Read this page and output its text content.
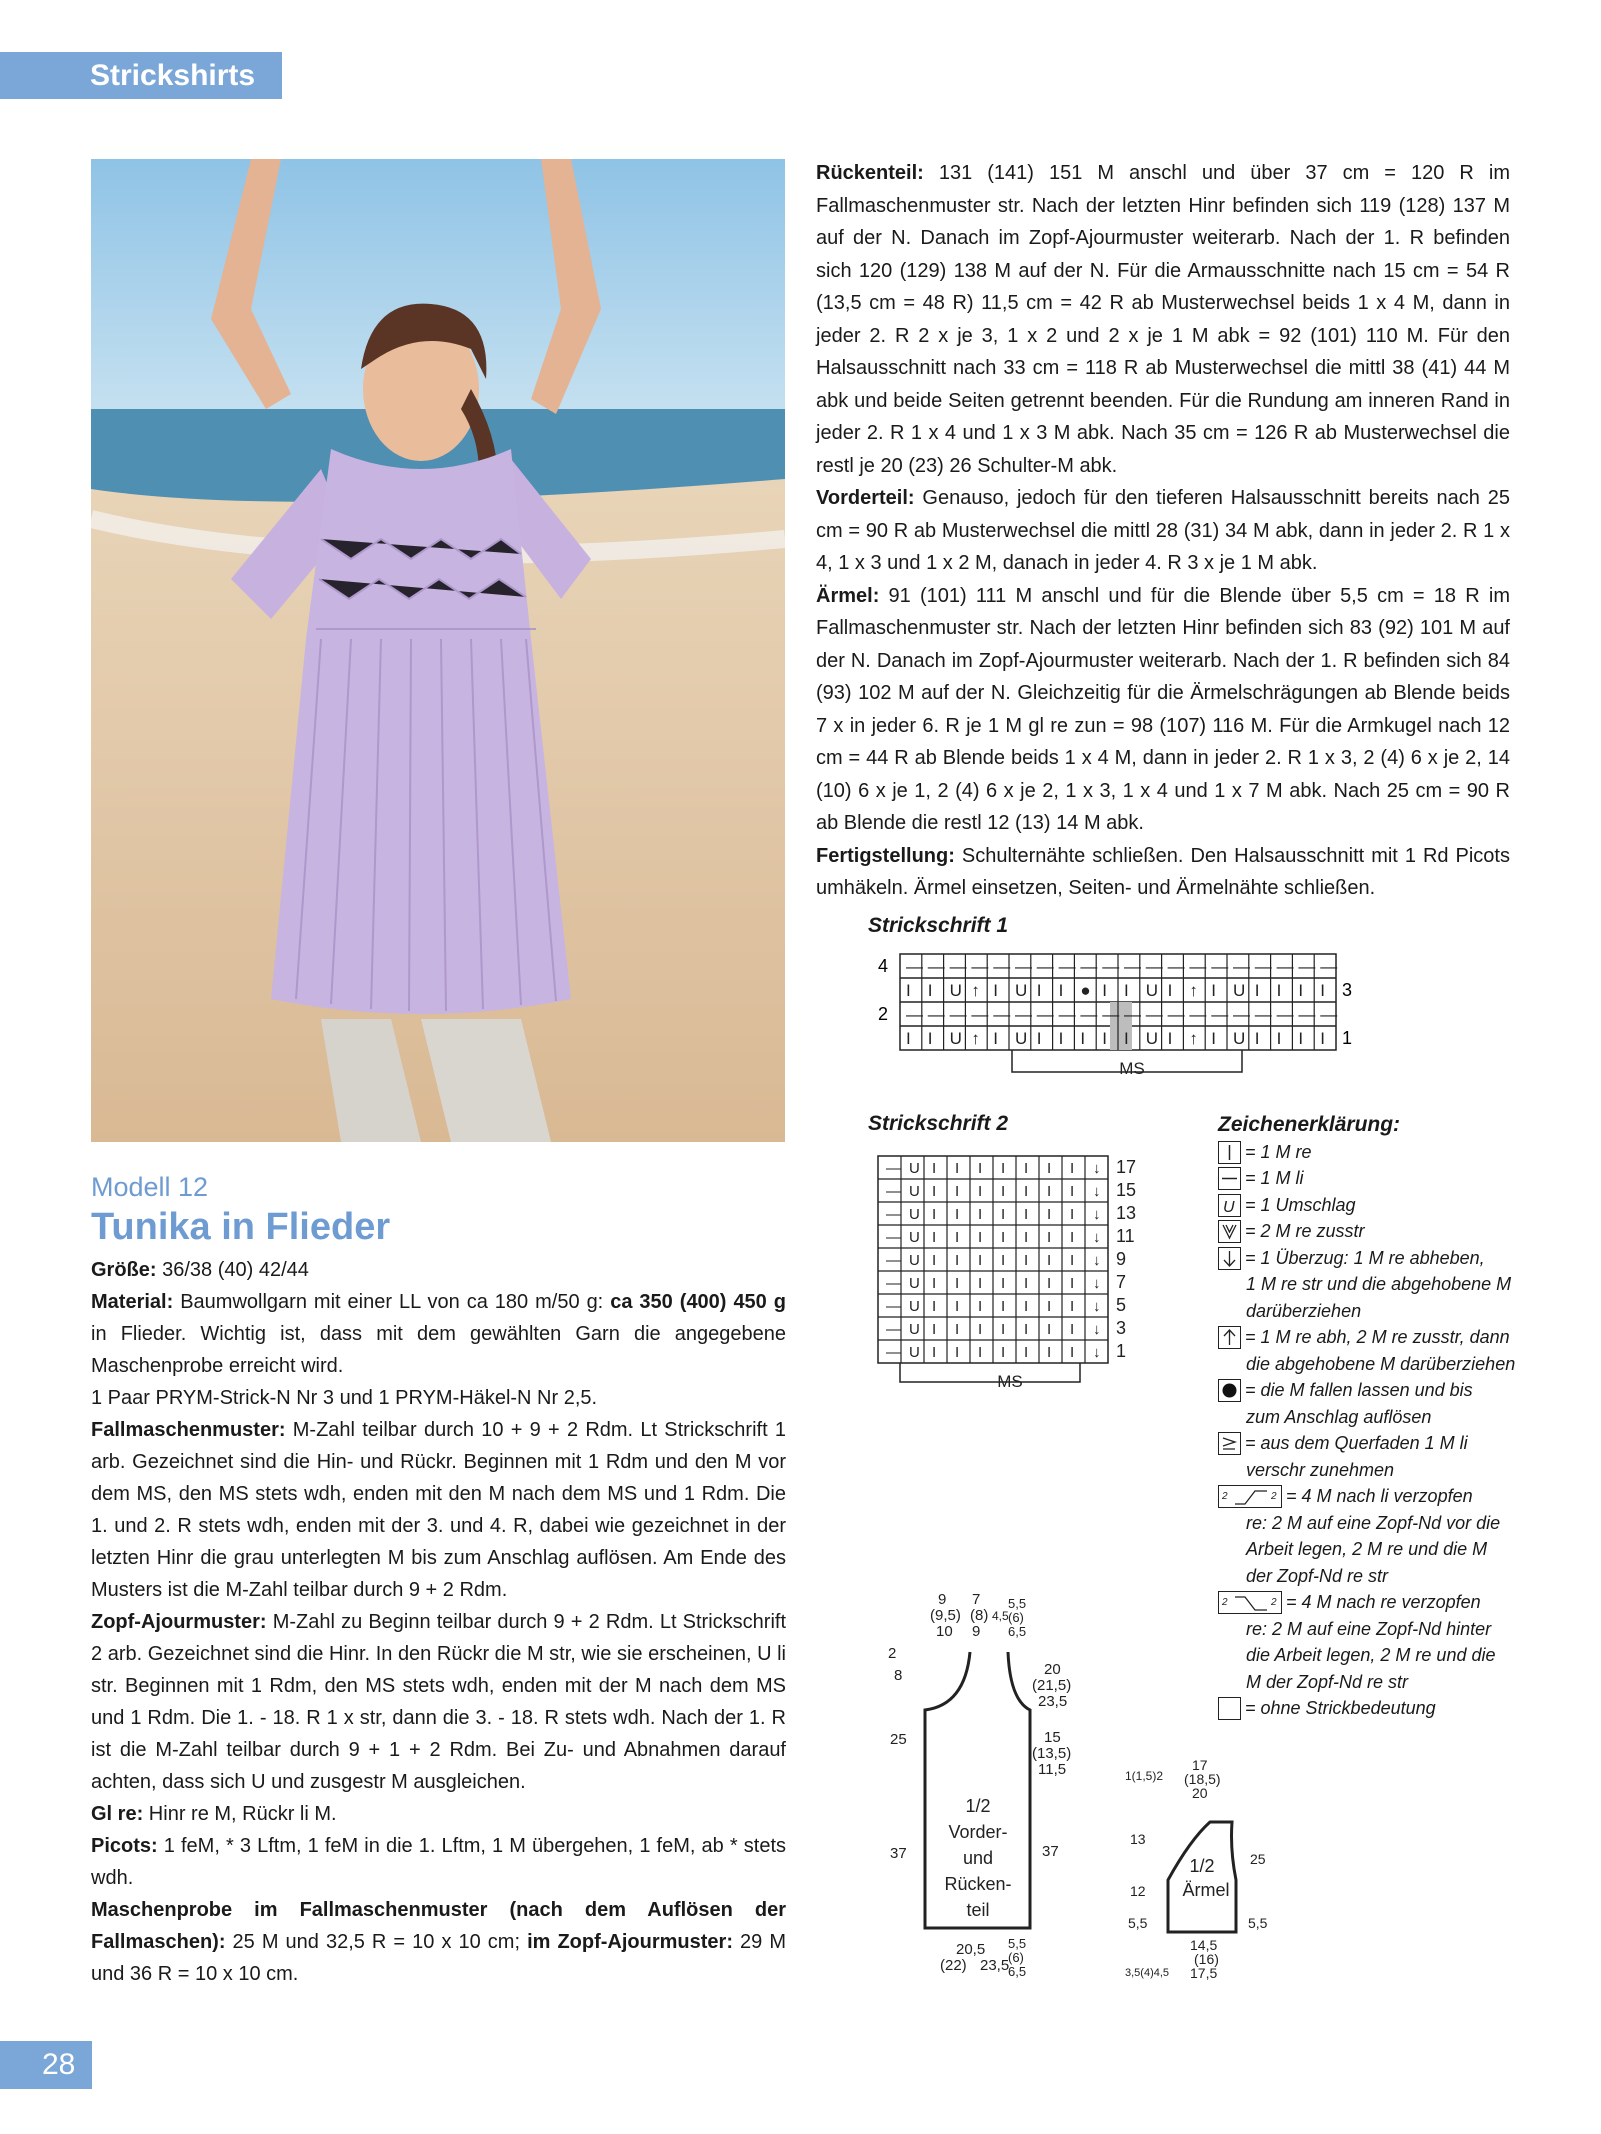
Strickshirts

Rückenteil: 131 (141) 151 M anschl und über 37 cm = 120 R im Fallmaschenmuster str. Nach der letzten Hinr befinden sich 119 (128) 137 M auf der N. Danach im Zopf-Ajourmuster weiterarb. Nach der 1. R befinden sich 120 (129) 138 M auf der N. Für die Armausschnitte nach 15 cm = 54 R (13,5 cm = 48 R) 11,5 cm = 42 R ab Musterwechsel beids 1 x 4 M, dann in jeder 2. R 2 x je 3, 1 x 2 und 2 x je 1 M abk = 92 (101) 110 M. Für den Halsausschnitt nach 33 cm = 118 R ab Musterwechsel die mittl 38 (41) 44 M abk und beide Seiten getrennt beenden. Für die Rundung am inneren Rand in jeder 2. R 1 x 4 und 1 x 3 M abk. Nach 35 cm = 126 R ab Musterwechsel die restl je 20 (23) 26 Schulter-M abk.

Vorderteil: Genauso, jedoch für den tieferen Halsausschnitt bereits nach 25 cm = 90 R ab Musterwechsel die mittl 28 (31) 34 M abk, dann in jeder 2. R 1 x 4, 1 x 3 und 1 x 2 M, danach in jeder 4. R 3 x je 1 M abk.

Ärmel: 91 (101) 111 M anschl und für die Blende über 5,5 cm = 18 R im Fallmaschenmuster str. Nach der letzten Hinr befinden sich 83 (92) 101 M auf der N. Danach im Zopf-Ajourmuster weiterarb. Nach der 1. R befinden sich 84 (93) 102 M auf der N. Gleichzeitig für die Ärmelschrägungen ab Blende beids 7 x in jeder 6. R je 1 M gl re zun = 98 (107) 116 M. Für die Armkugel nach 12 cm = 44 R ab Blende beids 1 x 4 M, dann in jeder 2. R 1 x 3, 2 (4) 6 x je 2, 14 (10) 6 x je 1, 2 (4) 6 x je 2, 1 x 3, 1 x 4 und 1 x 7 M abk. Nach 25 cm = 90 R ab Blende die restl 12 (13) 14 M abk.

Fertigstellung: Schulternähte schließen. Den Halsausschnitt mit 1 Rd Picots umhäkeln. Ärmel einsetzen, Seiten- und Ärmelnähte schließen.

Modell 12
Tunika in Flieder

Größe: 36/38 (40) 42/44

Material: Baumwollgarn mit einer LL von ca 180 m/50 g: ca 350 (400) 450 g in Flieder. Wichtig ist, dass mit dem gewählten Garn die angegebene Maschenprobe erreicht wird.

1 Paar PRYM-Strick-N Nr 3 und 1 PRYM-Häkel-N Nr 2,5.

Fallmaschenmuster: M-Zahl teilbar durch 10 + 9 + 2 Rdm. Lt Strickschrift 1 arb. Gezeichnet sind die Hin- und Rückr. Beginnen mit 1 Rdm und den M vor dem MS, den MS stets wdh, enden mit den M nach dem MS und 1 Rdm. Die 1. und 2. R stets wdh, enden mit der 3. und 4. R, dabei wie gezeichnet in der letzten Hinr die grau unterlegten M bis zum Anschlag auflösen. Am Ende des Musters ist die M-Zahl teilbar durch 9 + 2 Rdm.

Zopf-Ajourmuster: M-Zahl zu Beginn teilbar durch 9 + 2 Rdm. Lt Strickschrift 2 arb. Gezeichnet sind die Hinr. In den Rückr die M str, wie sie erscheinen, U li str. Beginnen mit 1 Rdm, den MS stets wdh, enden mit der M nach dem MS und 1 Rdm. Die 1. - 18. R 1 x str, dann die 3. - 18. R stets wdh. Nach der 1. R ist die M-Zahl teilbar durch 9 + 1 + 2 Rdm. Bei Zu- und Abnahmen darauf achten, dass sich U und zusgestr M ausgleichen.

Gl re: Hinr re M, Rückr li M.

Picots: 1 feM, * 3 Lftm, 1 feM in die 1. Lftm, 1 M übergehen, 1 feM, ab * stets wdh.

Maschenprobe im Fallmaschenmuster (nach dem Auflösen der Fallmaschen): 25 M und 32,5 R = 10 x 10 cm; im Zopf-Ajourmuster: 29 M und 36 R = 10 x 10 cm.

Strickschrift 1
— — — — — — — — — — — — — — — — — — — —
— — — — — — — — — — — — — — — — — — — —
I I U ↑ I U I I ● I I U I ↑ I U I I I I
I I U ↑ I U I I I I I U I ↑ I U I I I I
4
2
3
1
MS
Strickschrift 2
— U I I I I I I I ↓
— U I I I I I I I ↓
— U I I I I I I I ↓
— U I I I I I I I ↓
— U I I I I I I I ↓
— U I I I I I I I ↓
— U I I I I I I I ↓
— U I I I I I I I ↓
— U I I I I I I I ↓
17
15
13
11
9
7
5
3
1
MS
Zeichenerklärung:
= 1 M re
= 1 M li
U = 1 Umschlag
= 2 M re zusstr
= 1 Überzug: 1 M re abheben,
1 M re str und die abgehobene M
darüberziehen
= 1 M re abh, 2 M re zusstr, dann
die abgehobene M darüberziehen
= die M fallen lassen und bis
zum Anschlag auflösen
= aus dem Querfaden 1 M li
verschr zunehmen
2	2 = 4 M nach li verzopfen
re: 2 M auf eine Zopf-Nd vor die
Arbeit legen, 2 M re und die M
der Zopf-Nd re str
2	2 = 4 M nach re verzopfen
re: 2 M auf eine Zopf-Nd hinter
die Arbeit legen, 2 M re und die
M der Zopf-Nd re str
= ohne Strickbedeutung
2
8
25
37
9 7
(9,5) (8)
10 9
4,5
5,5
(6)
6,5
20
(21,5)
23,5
15
(13,5)
11,5
37
1/2
Vorder-
und
Rücken-
teil
20,5
(22) 23,5
5,5
(6)
6,5
1(1,5)2
17
(18,5)
20
13
12
5,5
25
5,5
1/2
Ärmel
14,5
(16)
17,5
3,5(4)4,5
28
